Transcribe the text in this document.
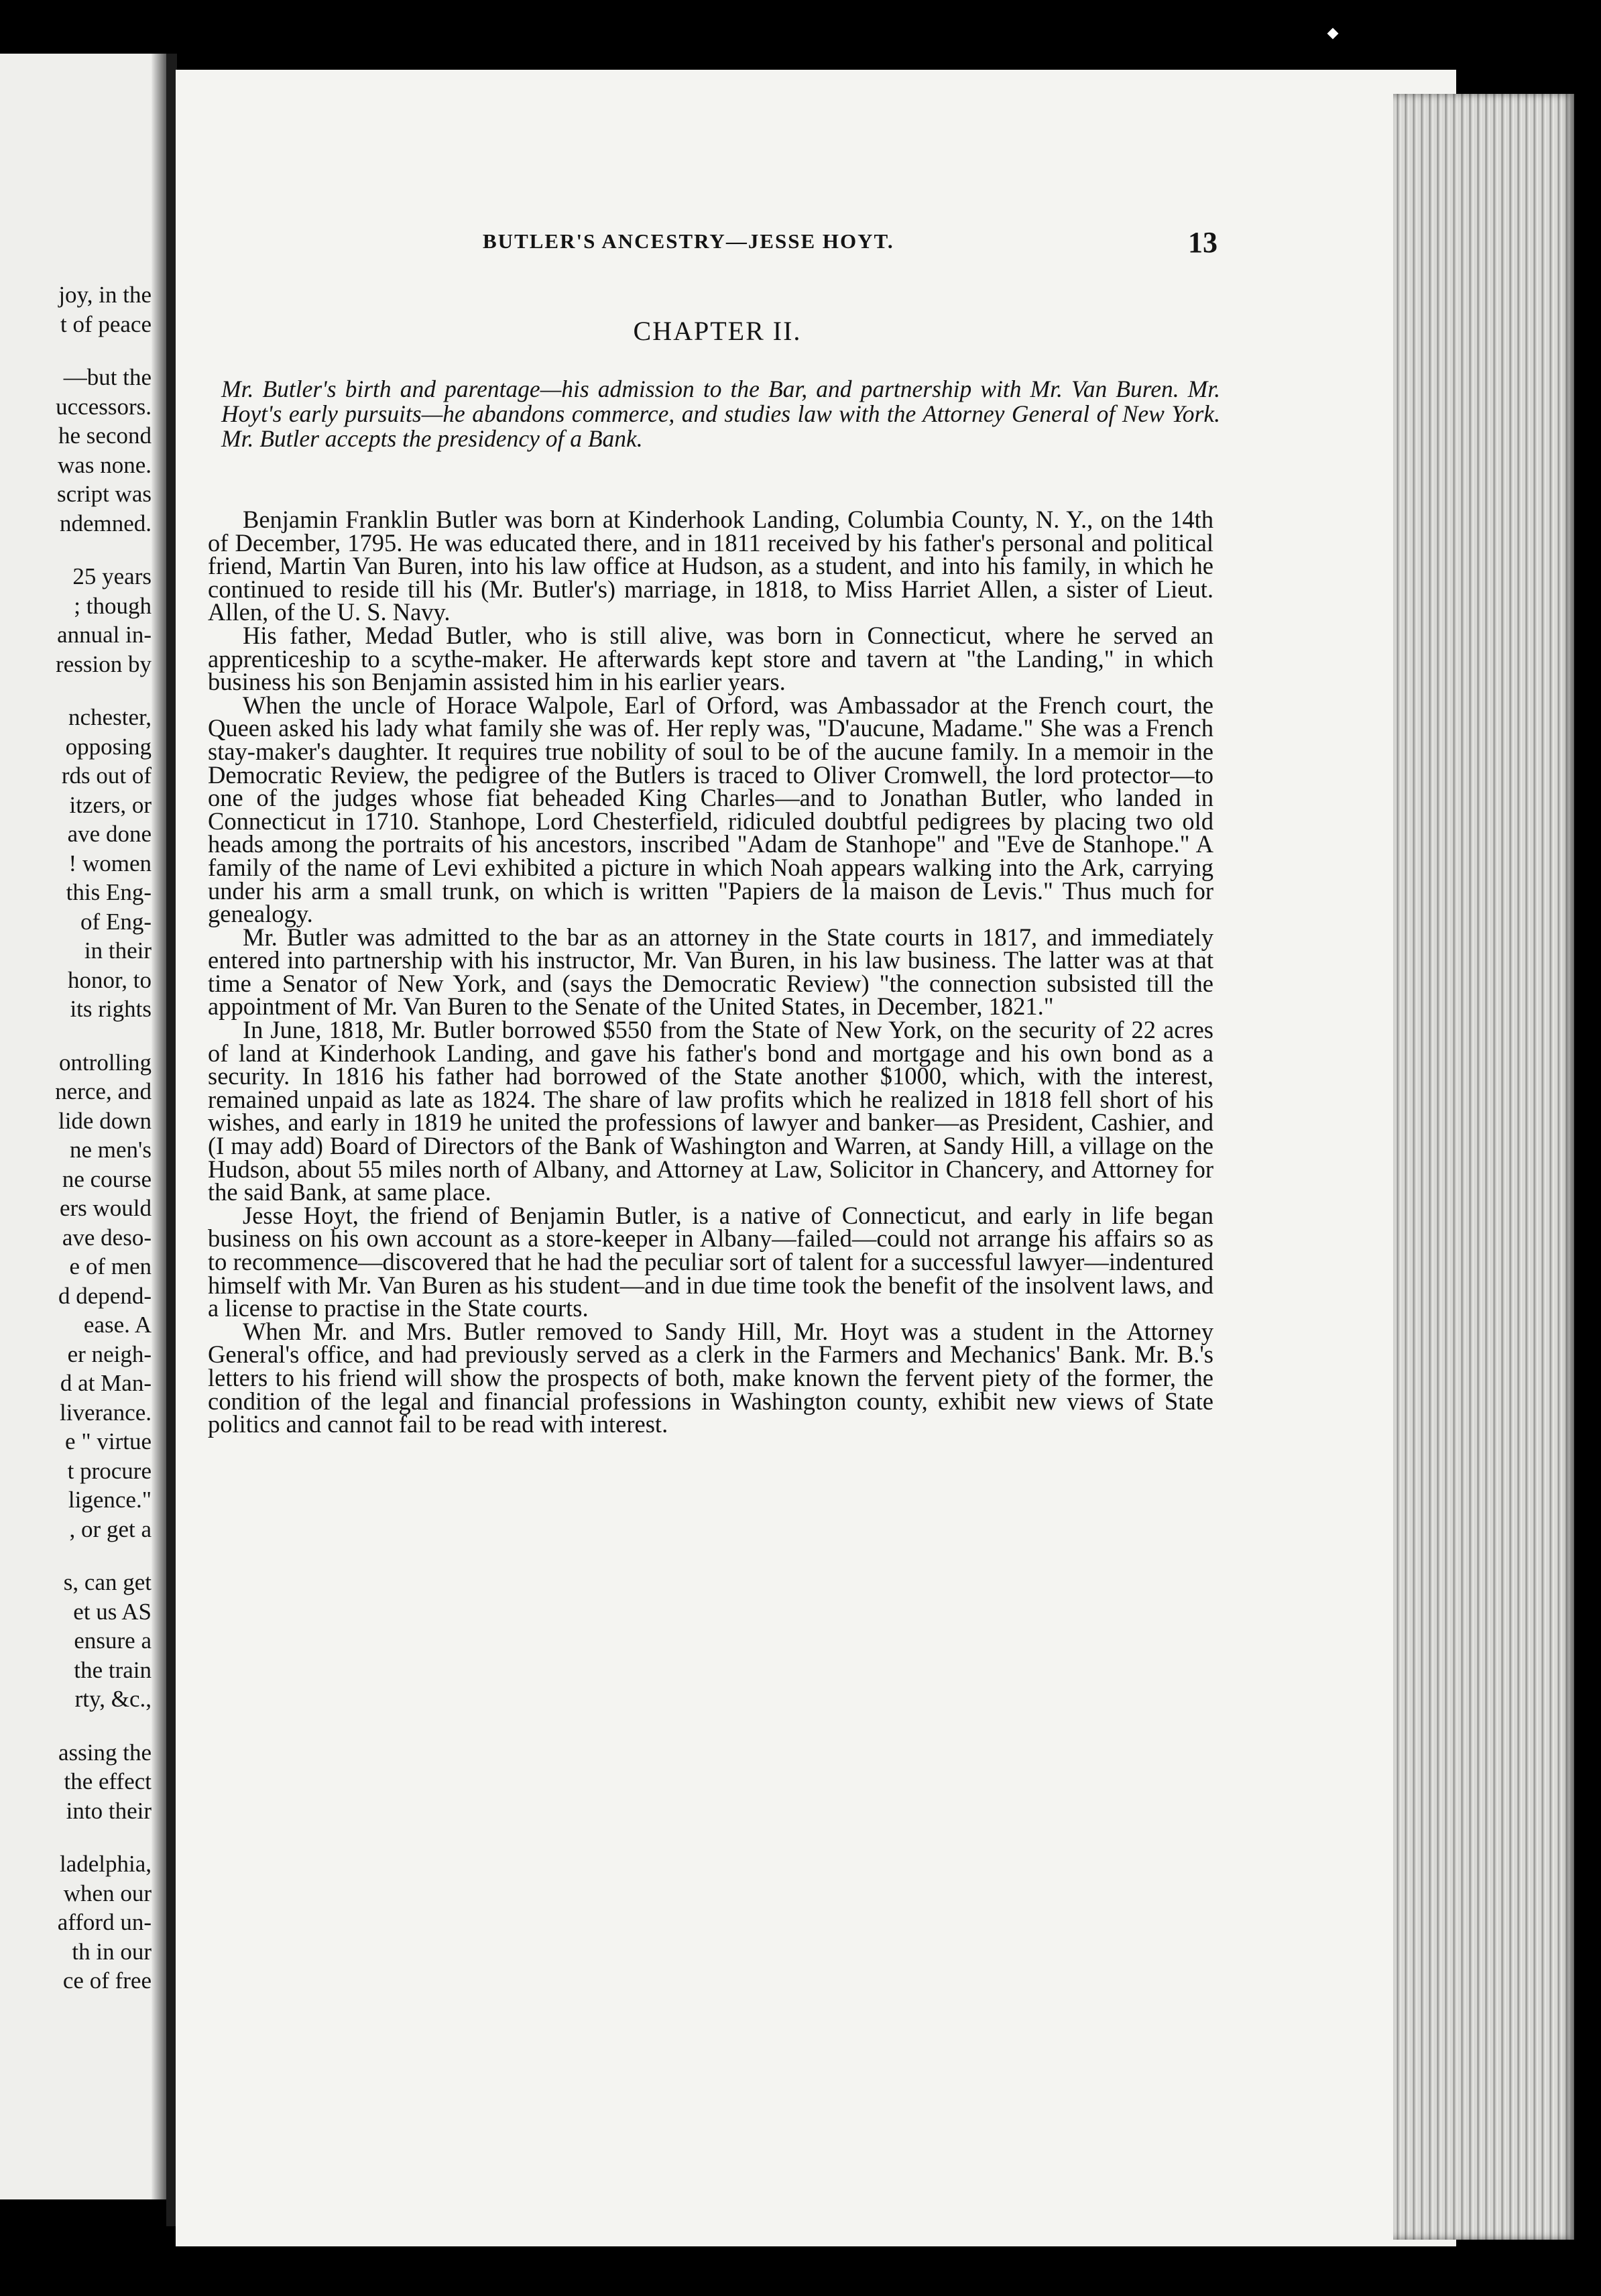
joy, in the
t of peace
—but the
uccessors.
he second
was none.
script was
ndemned.
25 years
; though
annual in-
ression by
nchester,
opposing
rds out of
itzers, or
ave done
! women
this Eng-
of Eng-
in their
honor, to
its rights
ontrolling
nerce, and
lide down
ne men's
ne course
ers would
ave deso-
e of men
d depend-
ease. A
er neigh-
d at Man-
liverance.
e " virtue
t procure
ligence."
, or get a
s, can get
et us AS
ensure a
the train
rty, &c.,
assing the
the effect
into their
ladelphia,
when our
afford un-
th in our
ce of free
BUTLER'S ANCESTRY—JESSE HOYT.	13
CHAPTER II.
Mr. Butler's birth and parentage—his admission to the Bar, and partnership with Mr. Van Buren. Mr. Hoyt's early pursuits—he abandons commerce, and studies law with the Attorney General of New York. Mr. Butler accepts the presidency of a Bank.

Benjamin Franklin Butler was born at Kinderhook Landing, Columbia County, N. Y., on the 14th of December, 1795. He was educated there, and in 1811 received by his father's personal and political friend, Martin Van Buren, into his law office at Hudson, as a student, and into his family, in which he continued to reside till his (Mr. Butler's) marriage, in 1818, to Miss Harriet Allen, a sister of Lieut. Allen, of the U. S. Navy.

His father, Medad Butler, who is still alive, was born in Connecticut, where he served an apprenticeship to a scythe-maker. He afterwards kept store and tavern at "the Landing," in which business his son Benjamin assisted him in his earlier years.

When the uncle of Horace Walpole, Earl of Orford, was Ambassador at the French court, the Queen asked his lady what family she was of. Her reply was, "D'aucune, Madame." She was a French stay-maker's daughter. It requires true nobility of soul to be of the aucune family. In a memoir in the Democratic Review, the pedigree of the Butlers is traced to Oliver Cromwell, the lord protector—to one of the judges whose fiat beheaded King Charles—and to Jonathan Butler, who landed in Connecticut in 1710. Stanhope, Lord Chesterfield, ridiculed doubtful pedigrees by placing two old heads among the portraits of his ancestors, inscribed "Adam de Stanhope" and "Eve de Stanhope." A family of the name of Levi exhibited a picture in which Noah appears walking into the Ark, carrying under his arm a small trunk, on which is written "Papiers de la maison de Levis." Thus much for genealogy.

Mr. Butler was admitted to the bar as an attorney in the State courts in 1817, and immediately entered into partnership with his instructor, Mr. Van Buren, in his law business. The latter was at that time a Senator of New York, and (says the Democratic Review) "the connection subsisted till the appointment of Mr. Van Buren to the Senate of the United States, in December, 1821."

In June, 1818, Mr. Butler borrowed $550 from the State of New York, on the security of 22 acres of land at Kinderhook Landing, and gave his father's bond and mortgage and his own bond as a security. In 1816 his father had borrowed of the State another $1000, which, with the interest, remained unpaid as late as 1824. The share of law profits which he realized in 1818 fell short of his wishes, and early in 1819 he united the professions of lawyer and banker—as President, Cashier, and (I may add) Board of Directors of the Bank of Washington and Warren, at Sandy Hill, a village on the Hudson, about 55 miles north of Albany, and Attorney at Law, Solicitor in Chancery, and Attorney for the said Bank, at same place.

Jesse Hoyt, the friend of Benjamin Butler, is a native of Connecticut, and early in life began business on his own account as a store-keeper in Albany—failed—could not arrange his affairs so as to recommence—discovered that he had the peculiar sort of talent for a successful lawyer—indentured himself with Mr. Van Buren as his student—and in due time took the benefit of the insolvent laws, and a license to practise in the State courts.

When Mr. and Mrs. Butler removed to Sandy Hill, Mr. Hoyt was a student in the Attorney General's office, and had previously served as a clerk in the Farmers and Mechanics' Bank. Mr. B.'s letters to his friend will show the prospects of both, make known the fervent piety of the former, the condition of the legal and financial professions in Washington county, exhibit new views of State politics and cannot fail to be read with interest.
